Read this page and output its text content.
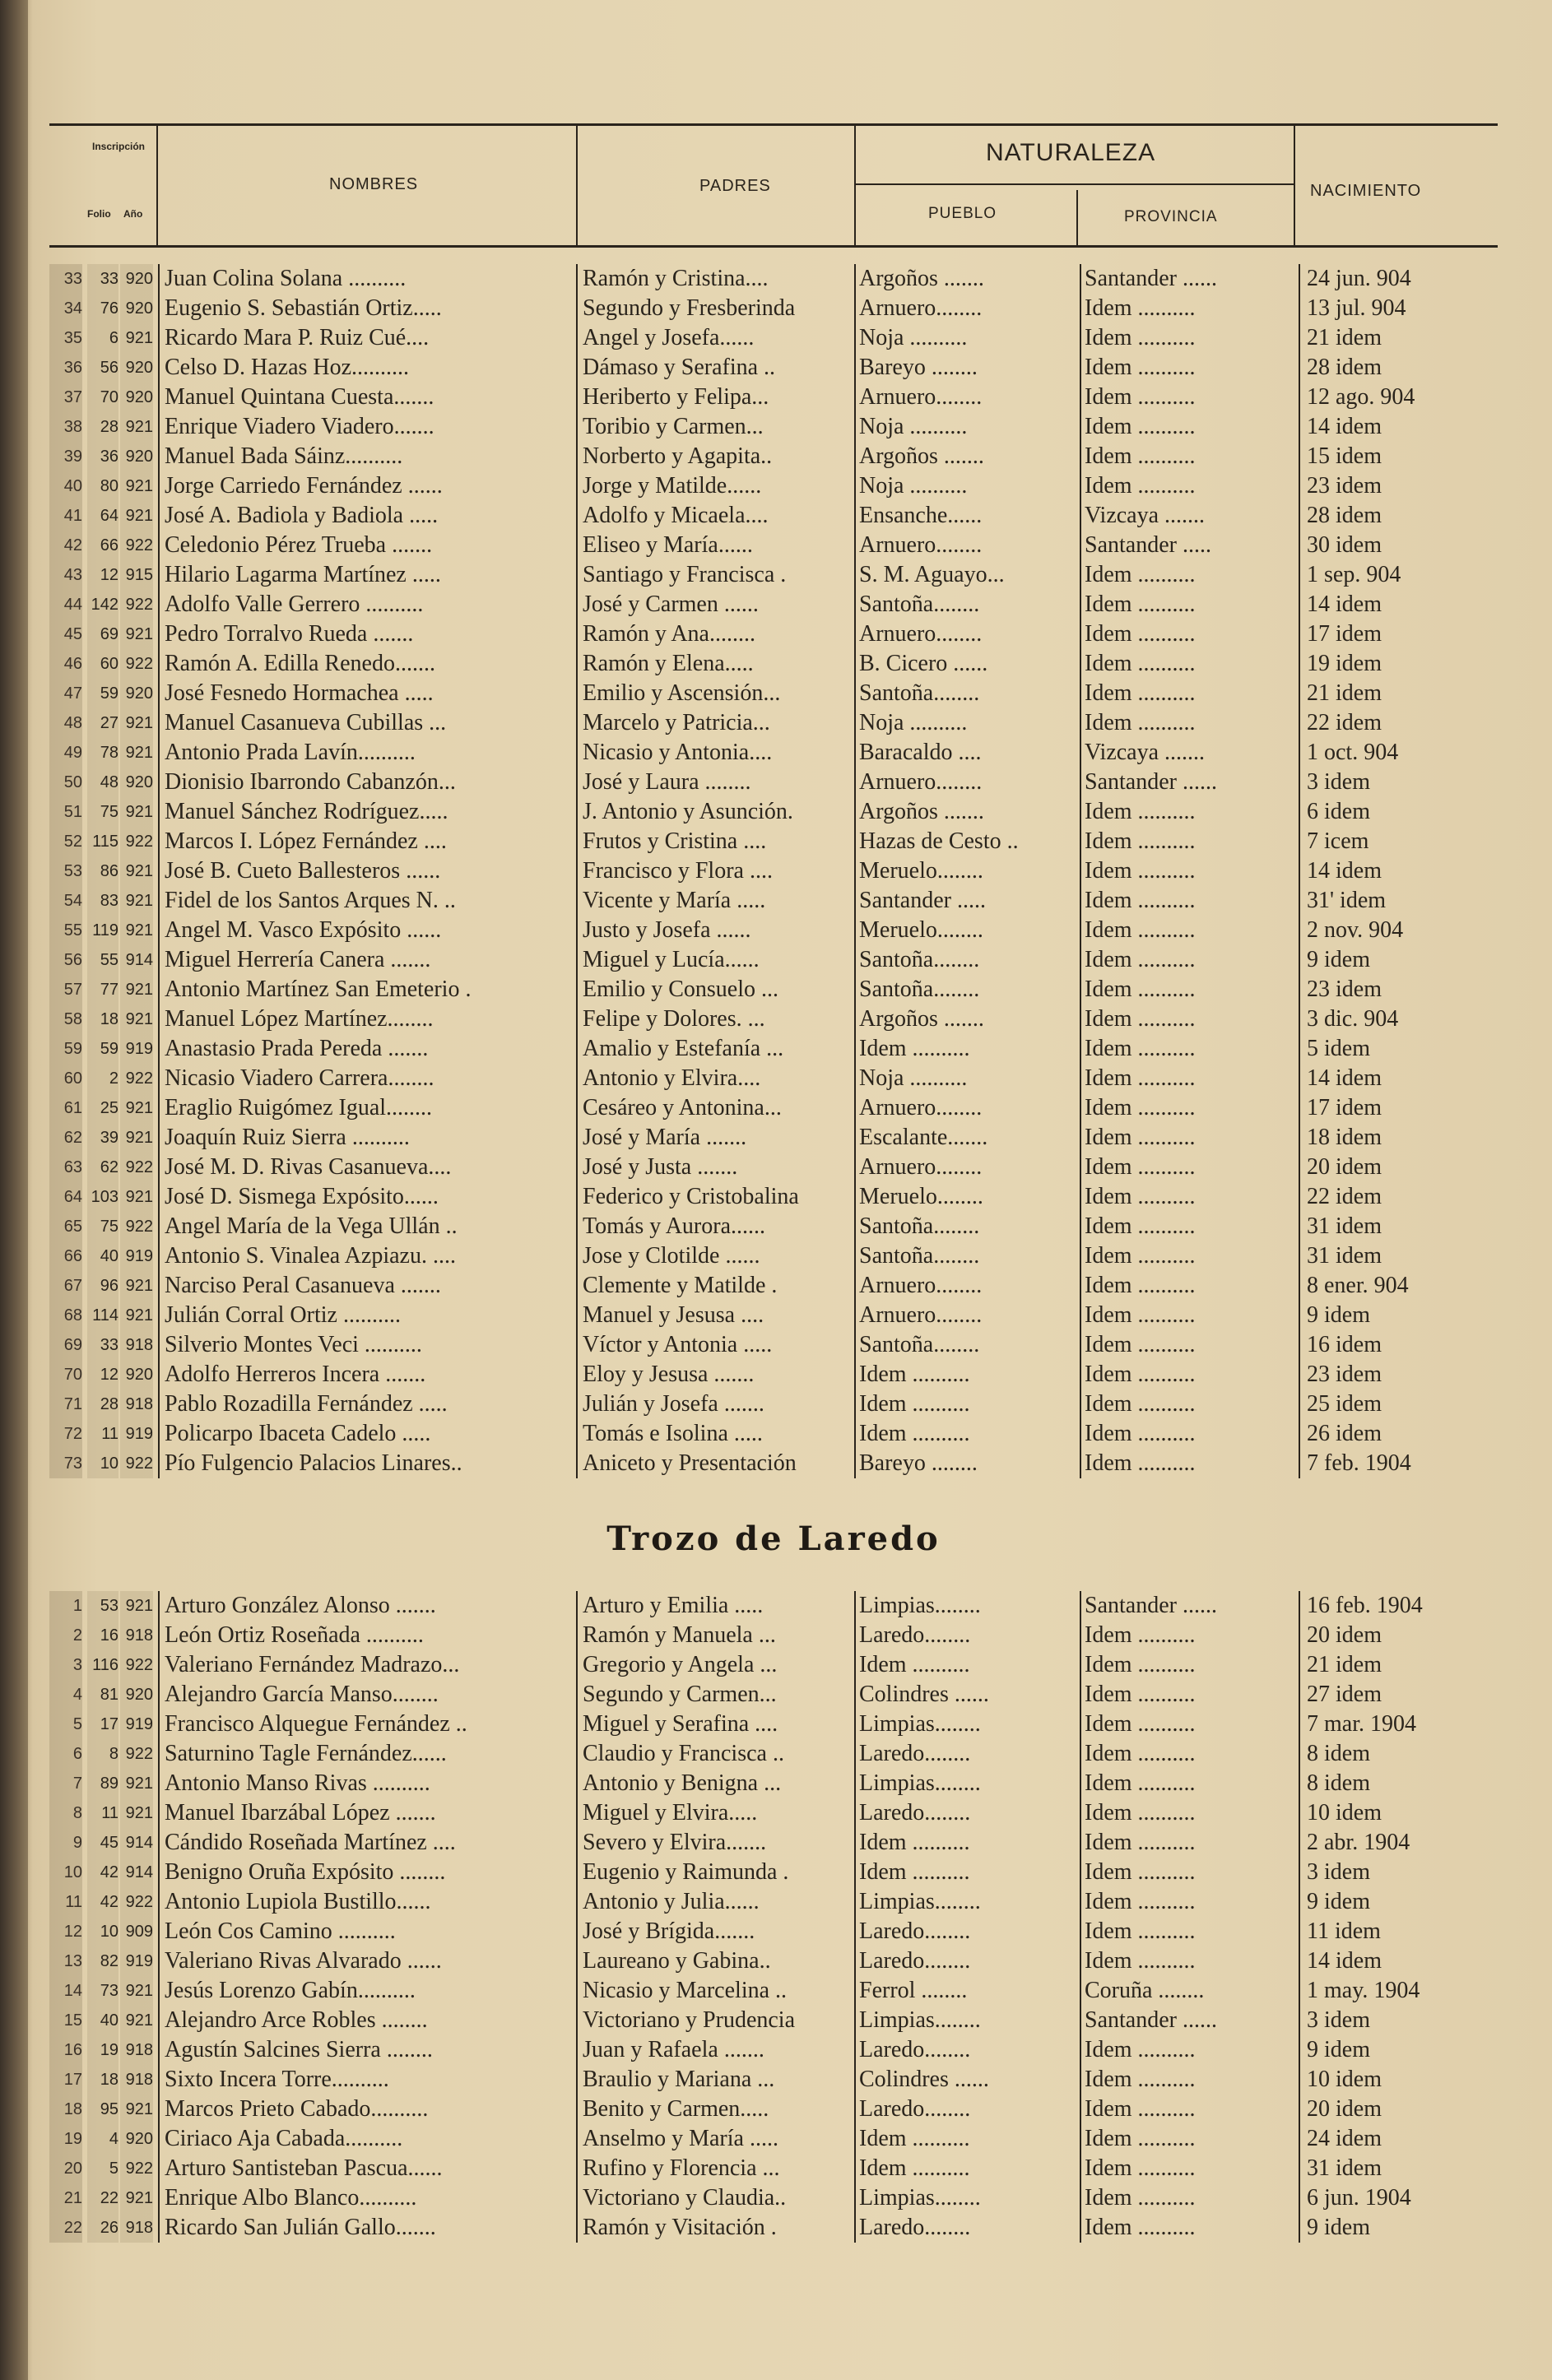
Inscripción
Folio Año
NOMBRES	PADRES
NATURALEZA
PUEBLO	PROVINCIA
NACIMIENTO
33	33 920 Juan Colina Solana ..........	Ramón y Cristina....	Argoños .......	Santander ......	24 jun. 904
34	76 920 Eugenio S. Sebastián Ortiz.....	Segundo y Fresberinda	Arnuero........	Idem ..........	13 jul. 904
35	6 921 Ricardo Mara P. Ruiz Cué....	Angel y Josefa......	Noja ..........	Idem ..........	21 idem
36	56 920 Celso D. Hazas Hoz..........	Dámaso y Serafina ..	Bareyo ........	Idem ..........	28 idem
37	70 920 Manuel Quintana Cuesta.......	Heriberto y Felipa...	Arnuero........	Idem ..........	12 ago. 904
38	28 921 Enrique Viadero Viadero.......	Toribio y Carmen...	Noja ..........	Idem ..........	14 idem
39	36 920 Manuel Bada Sáinz..........	Norberto y Agapita..	Argoños .......	Idem ..........	15 idem
40	80 921 Jorge Carriedo Fernández ......	Jorge y Matilde......	Noja ..........	Idem ..........	23 idem
41	64 921 José A. Badiola y Badiola .....	Adolfo y Micaela....	Ensanche......	Vizcaya .......	28 idem
42	66 922 Celedonio Pérez Trueba .......	Eliseo y María......	Arnuero........	Santander .....	30 idem
43	12 915 Hilario Lagarma Martínez .....	Santiago y Francisca .	S. M. Aguayo...	Idem ..........	1 sep. 904
44 142 922 Adolfo Valle Gerrero ..........	José y Carmen ......	Santoña........	Idem ..........	14 idem
45	69 921 Pedro Torralvo Rueda .......	Ramón y Ana........	Arnuero........	Idem ..........	17 idem
46	60 922 Ramón A. Edilla Renedo.......	Ramón y Elena.....	B. Cicero ......	Idem ..........	19 idem
47	59 920 José Fesnedo Hormachea .....	Emilio y Ascensión...	Santoña........	Idem ..........	21 idem
48	27 921 Manuel Casanueva Cubillas ...	Marcelo y Patricia...	Noja ..........	Idem ..........	22 idem
49	78 921 Antonio Prada Lavín..........	Nicasio y Antonia....	Baracaldo ....	Vizcaya .......	1 oct. 904
50	48 920 Dionisio Ibarrondo Cabanzón...	José y Laura ........	Arnuero........	Santander ......	3 idem
51	75 921 Manuel Sánchez Rodríguez.....	J. Antonio y Asunción.	Argoños .......	Idem ..........	6 idem
52 115 922 Marcos I. López Fernández ....	Frutos y Cristina ....	Hazas de Cesto ..	Idem ..........	7 icem
53	86 921 José B. Cueto Ballesteros ......	Francisco y Flora ....	Meruelo........	Idem ..........	14 idem
54	83 921 Fidel de los Santos Arques N. ..	Vicente y María .....	Santander .....	Idem ..........	31' idem
55 119 921 Angel M. Vasco Expósito ......	Justo y Josefa ......	Meruelo........	Idem ..........	2 nov. 904
56	55 914 Miguel Herrería Canera .......	Miguel y Lucía......	Santoña........	Idem ..........	9 idem
57	77 921 Antonio Martínez San Emeterio .	Emilio y Consuelo ...	Santoña........	Idem ..........	23 idem
58	18 921 Manuel López Martínez........	Felipe y Dolores. ...	Argoños .......	Idem ..........	3 dic. 904
59	59 919 Anastasio Prada Pereda .......	Amalio y Estefanía ...	Idem ..........	Idem ..........	5 idem
60	2 922 Nicasio Viadero Carrera........	Antonio y Elvira....	Noja ..........	Idem ..........	14 idem
61	25 921 Eraglio Ruigómez Igual........	Cesáreo y Antonina...	Arnuero........	Idem ..........	17 idem
62	39 921 Joaquín Ruiz Sierra ..........	José y María .......	Escalante.......	Idem ..........	18 idem
63	62 922 José M. D. Rivas Casanueva....	José y Justa .......	Arnuero........	Idem ..........	20 idem
64 103 921 José D. Sismega Expósito......	Federico y Cristobalina	Meruelo........	Idem ..........	22 idem
65	75 922 Angel María de la Vega Ullán ..	Tomás y Aurora......	Santoña........	Idem ..........	31 idem
66	40 919 Antonio S. Vinalea Azpiazu. ....	Jose y Clotilde ......	Santoña........	Idem ..........	31 idem
67	96 921 Narciso Peral Casanueva .......	Clemente y Matilde .	Arnuero........	Idem ..........	8 ener. 904
68 114 921 Julián Corral Ortiz ..........	Manuel y Jesusa ....	Arnuero........	Idem ..........	9 idem
69	33 918 Silverio Montes Veci ..........	Víctor y Antonia .....	Santoña........	Idem ..........	16 idem
70	12 920 Adolfo Herreros Incera .......	Eloy y Jesusa .......	Idem ..........	Idem ..........	23 idem
71	28 918 Pablo Rozadilla Fernández .....	Julián y Josefa .......	Idem ..........	Idem ..........	25 idem
72	11 919 Policarpo Ibaceta Cadelo .....	Tomás e Isolina .....	Idem ..........	Idem ..........	26 idem
73	10 922 Pío Fulgencio Palacios Linares..	Aniceto y Presentación	Bareyo ........	Idem ..........	7 feb. 1904
Trozo de Laredo
1	53 921 Arturo González Alonso .......	Arturo y Emilia .....	Limpias........	Santander ......	16 feb. 1904
2	16 918 León Ortiz Roseñada ..........	Ramón y Manuela ...	Laredo........	Idem ..........	20 idem
3 116 922 Valeriano Fernández Madrazo...	Gregorio y Angela ...	Idem ..........	Idem ..........	21 idem
4	81 920 Alejandro García Manso........	Segundo y Carmen...	Colindres ......	Idem ..........	27 idem
5	17 919 Francisco Alquegue Fernández ..	Miguel y Serafina ....	Limpias........	Idem ..........	7 mar. 1904
6	8 922 Saturnino Tagle Fernández......	Claudio y Francisca ..	Laredo........	Idem ..........	8 idem
7	89 921 Antonio Manso Rivas ..........	Antonio y Benigna ...	Limpias........	Idem ..........	8 idem
8	11 921 Manuel Ibarzábal López .......	Miguel y Elvira.....	Laredo........	Idem ..........	10 idem
9	45 914 Cándido Roseñada Martínez ....	Severo y Elvira.......	Idem ..........	Idem ..........	2 abr. 1904
10	42 914 Benigno Oruña Expósito ........	Eugenio y Raimunda .	Idem ..........	Idem ..........	3 idem
11	42 922 Antonio Lupiola Bustillo......	Antonio y Julia......	Limpias........	Idem ..........	9 idem
12	10 909 León Cos Camino ..........	José y Brígida.......	Laredo........	Idem ..........	11 idem
13	82 919 Valeriano Rivas Alvarado ......	Laureano y Gabina..	Laredo........	Idem ..........	14 idem
14	73 921 Jesús Lorenzo Gabín..........	Nicasio y Marcelina ..	Ferrol ........	Coruña ........	1 may. 1904
15	40 921 Alejandro Arce Robles ........	Victoriano y Prudencia	Limpias........	Santander ......	3 idem
16	19 918 Agustín Salcines Sierra ........	Juan y Rafaela .......	Laredo........	Idem ..........	9 idem
17	18 918 Sixto Incera Torre..........	Braulio y Mariana ...	Colindres ......	Idem ..........	10 idem
18	95 921 Marcos Prieto Cabado..........	Benito y Carmen.....	Laredo........	Idem ..........	20 idem
19	4 920 Ciriaco Aja Cabada..........	Anselmo y María .....	Idem ..........	Idem ..........	24 idem
20	5 922 Arturo Santisteban Pascua......	Rufino y Florencia ...	Idem ..........	Idem ..........	31 idem
21	22 921 Enrique Albo Blanco..........	Victoriano y Claudia..	Limpias........	Idem ..........	6 jun. 1904
22	26 918 Ricardo San Julián Gallo.......	Ramón y Visitación .	Laredo........	Idem ..........	9 idem
